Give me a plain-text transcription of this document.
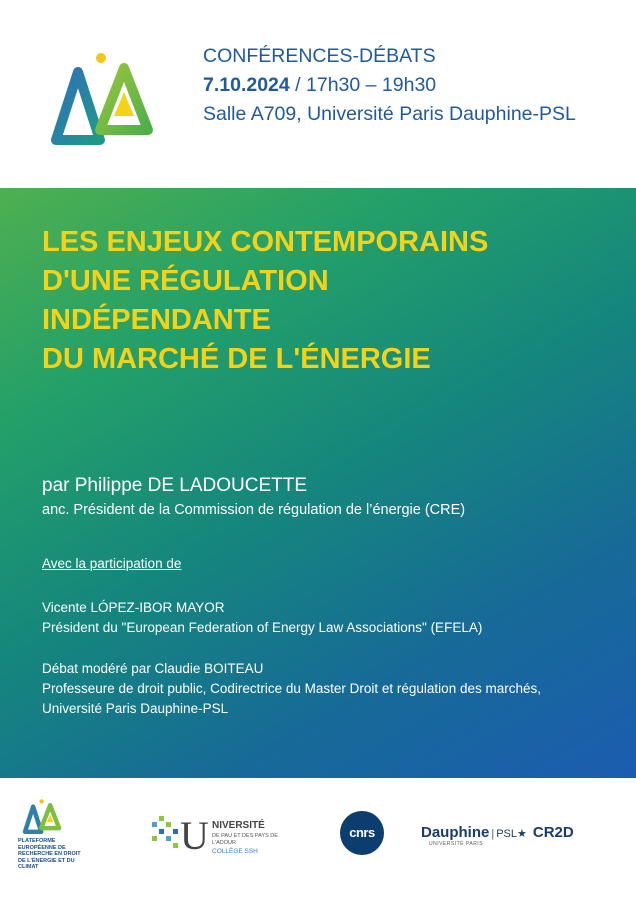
CONFÉRENCES-DÉBATS
7.10.2024 / 17h30 – 19h30
Salle A709, Université Paris Dauphine-PSL
LES ENJEUX CONTEMPORAINS
D'UNE RÉGULATION
INDÉPENDANTE
DU MARCHÉ DE L'ÉNERGIE
par Philippe DE LADOUCETTE
anc. Président de la Commission de régulation de l’énergie (CRE)
Avec la participation de
Vicente LÓPEZ-IBOR MAYOR
Président du "European Federation of Energy Law Associations" (EFELA)
Débat modéré par Claudie BOITEAU
Professeure de droit public, Codirectrice du Master Droit et régulation des marchés, Université Paris Dauphine-PSL
PLATEFORME EUROPÉENNE DE RECHERCHE EN DROIT DE L'ÉNERGIE ET DU CLIMAT
U NIVERSITÉ
DE PAU ET DES PAYS DE L'ADOUR
COLLÈGE SSH
cnrs	Dauphine | PSL★ CR2D
UNIVERSITÉ PARIS
